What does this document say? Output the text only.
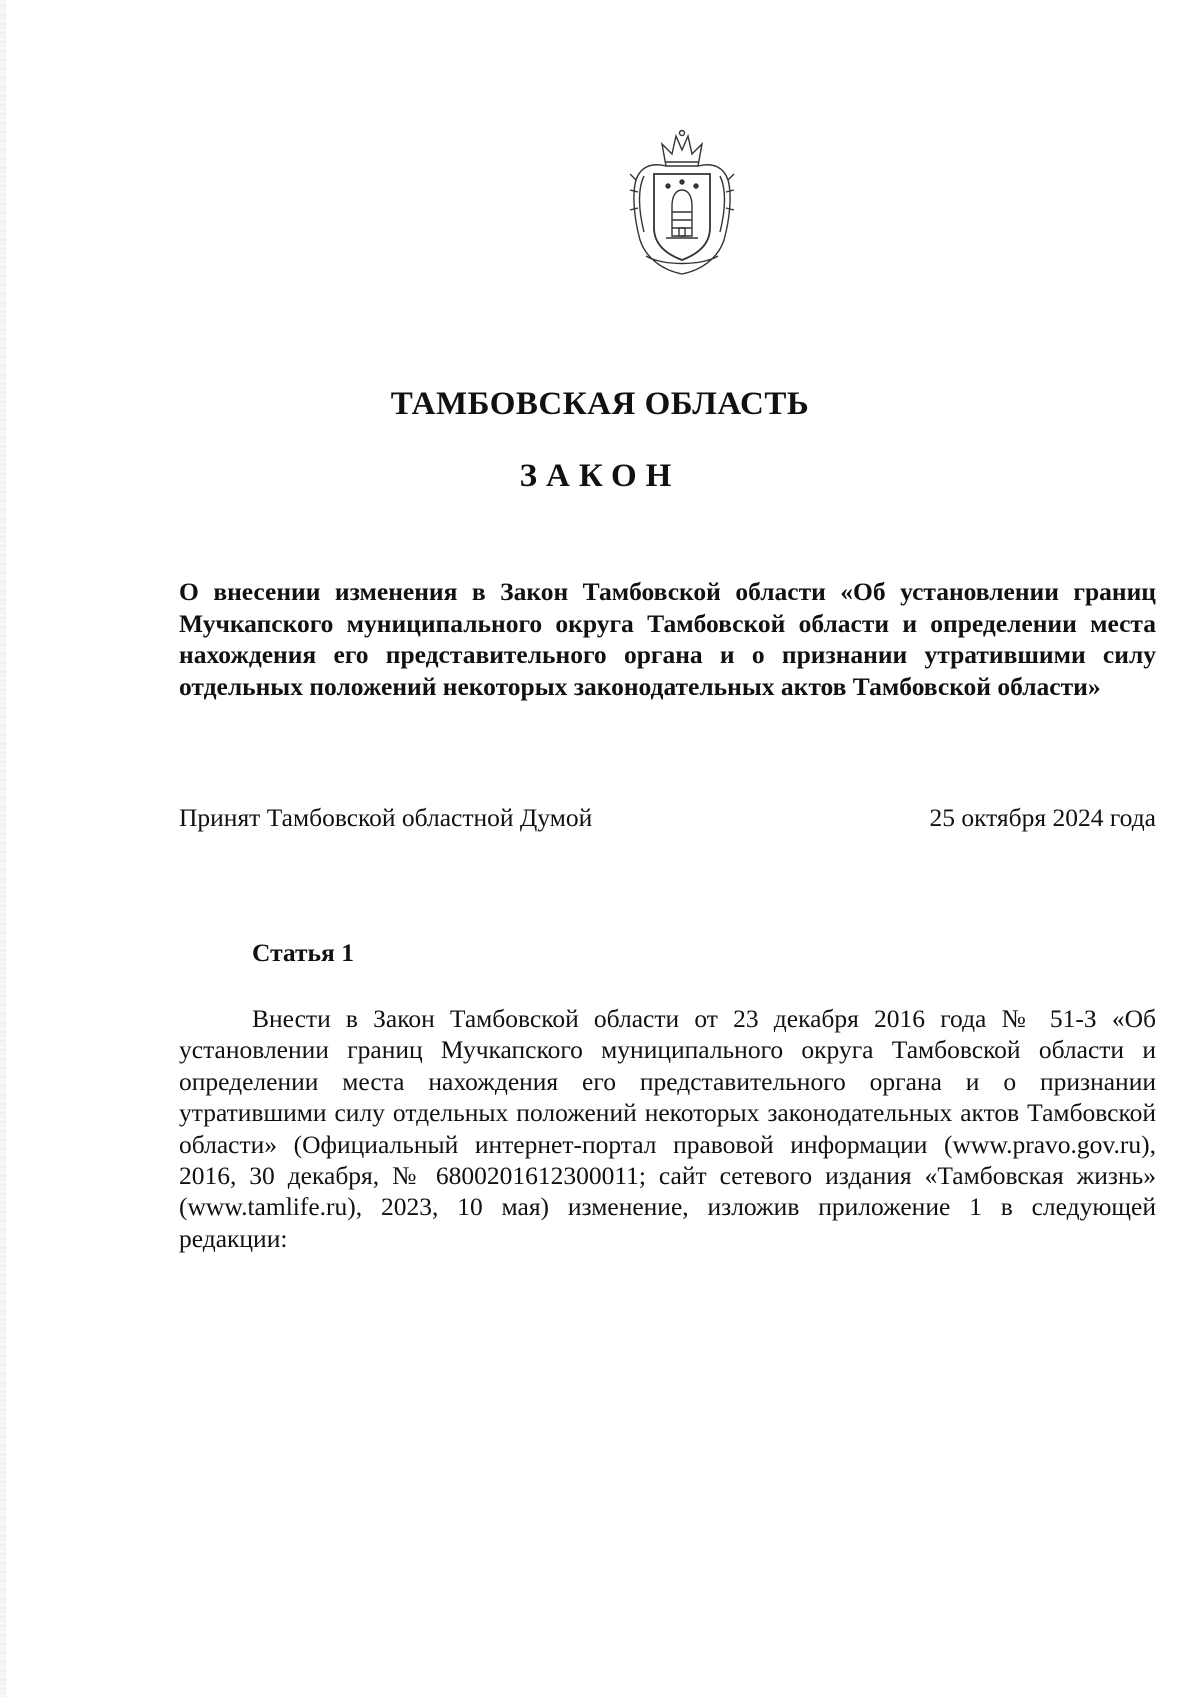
ТАМБОВСКАЯ ОБЛАСТЬ
ЗАКОН
О внесении изменения в Закон Тамбовской области «Об установлении границ Мучкапского муниципального округа Тамбовской области и определении места нахождения его представительного органа и о признании утратившими силу отдельных положений некоторых законодательных актов Тамбовской области»
Принят Тамбовской областной Думой	25 октября 2024 года
Статья 1
Внести в Закон Тамбовской области от 23 декабря 2016 года № 51-З «Об установлении границ Мучкапского муниципального округа Тамбовской области и определении места нахождения его представительного органа и о признании утратившими силу отдельных положений некоторых законодательных актов Тамбовской области» (Официальный интернет-портал правовой информации (www.pravo.gov.ru), 2016, 30 декабря, № 6800201612300011; сайт сетевого издания «Тамбовская жизнь» (www.tamlife.ru), 2023, 10 мая) изменение, изложив приложение 1 в следующей редакции:
